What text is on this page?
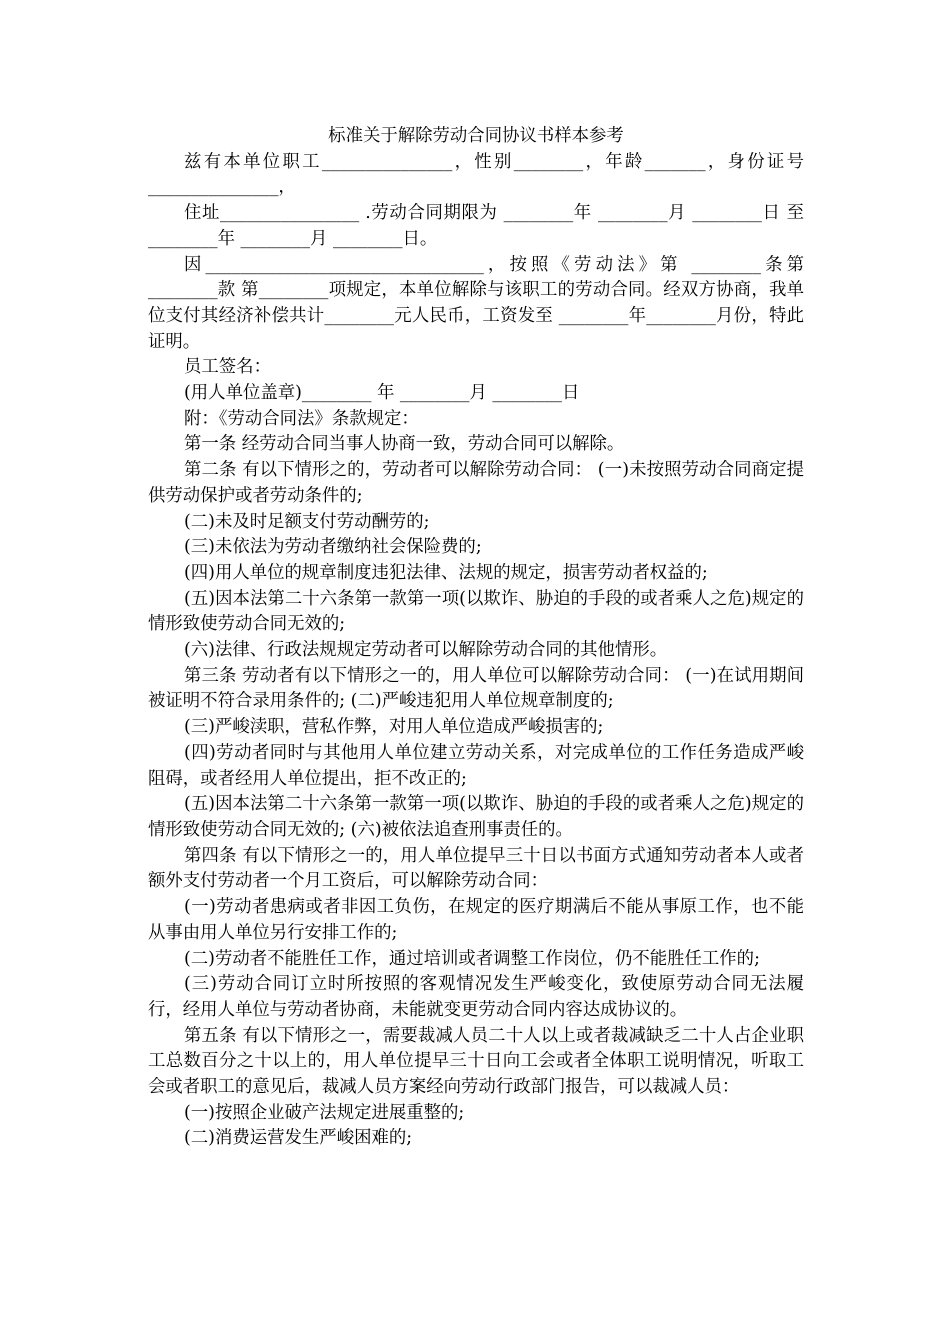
标准关于解除劳动合同协议书样本参考

兹有本单位职工_______________，性别________，年龄_______，身份证号_______________，

住址________________ .劳动合同期限为 ________年 ________月 ________日 至 ________年 ________月 ________日。

因________________________________，按照《劳动法》第 ________条第________款 第________项规定，本单位解除与该职工的劳动合同。经双方协商，我单位支付其经济补偿共计________元人民币，工资发至 ________年________月份，特此证明。

员工签名：

(用人单位盖章)________ 年 ________月 ________日

附：《劳动合同法》条款规定：

第一条 经劳动合同当事人协商一致，劳动合同可以解除。

第二条 有以下情形之的，劳动者可以解除劳动合同： (一)未按照劳动合同商定提供劳动保护或者劳动条件的;

(二)未及时足额支付劳动酬劳的;

(三)未依法为劳动者缴纳社会保险费的;

(四)用人单位的规章制度违犯法律、法规的规定，损害劳动者权益的;

(五)因本法第二十六条第一款第一项(以欺诈、胁迫的手段的或者乘人之危)规定的情形致使劳动合同无效的;

(六)法律、行政法规规定劳动者可以解除劳动合同的其他情形。

第三条 劳动者有以下情形之一的，用人单位可以解除劳动合同： (一)在试用期间被证明不符合录用条件的; (二)严峻违犯用人单位规章制度的;

(三)严峻渎职，营私作弊，对用人单位造成严峻损害的;

(四)劳动者同时与其他用人单位建立劳动关系，对完成单位的工作任务造成严峻阻碍，或者经用人单位提出，拒不改正的;

(五)因本法第二十六条第一款第一项(以欺诈、胁迫的手段的或者乘人之危)规定的情形致使劳动合同无效的; (六)被依法追查刑事责任的。

第四条 有以下情形之一的，用人单位提早三十日以书面方式通知劳动者本人或者额外支付劳动者一个月工资后，可以解除劳动合同：

(一)劳动者患病或者非因工负伤，在规定的医疗期满后不能从事原工作，也不能从事由用人单位另行安排工作的;

(二)劳动者不能胜任工作，通过培训或者调整工作岗位，仍不能胜任工作的;

(三)劳动合同订立时所按照的客观情况发生严峻变化，致使原劳动合同无法履行，经用人单位与劳动者协商，未能就变更劳动合同内容达成协议的。

第五条 有以下情形之一，需要裁减人员二十人以上或者裁减缺乏二十人占企业职工总数百分之十以上的，用人单位提早三十日向工会或者全体职工说明情况，听取工会或者职工的意见后，裁减人员方案经向劳动行政部门报告，可以裁减人员：

(一)按照企业破产法规定进展重整的;

(二)消费运营发生严峻困难的;
